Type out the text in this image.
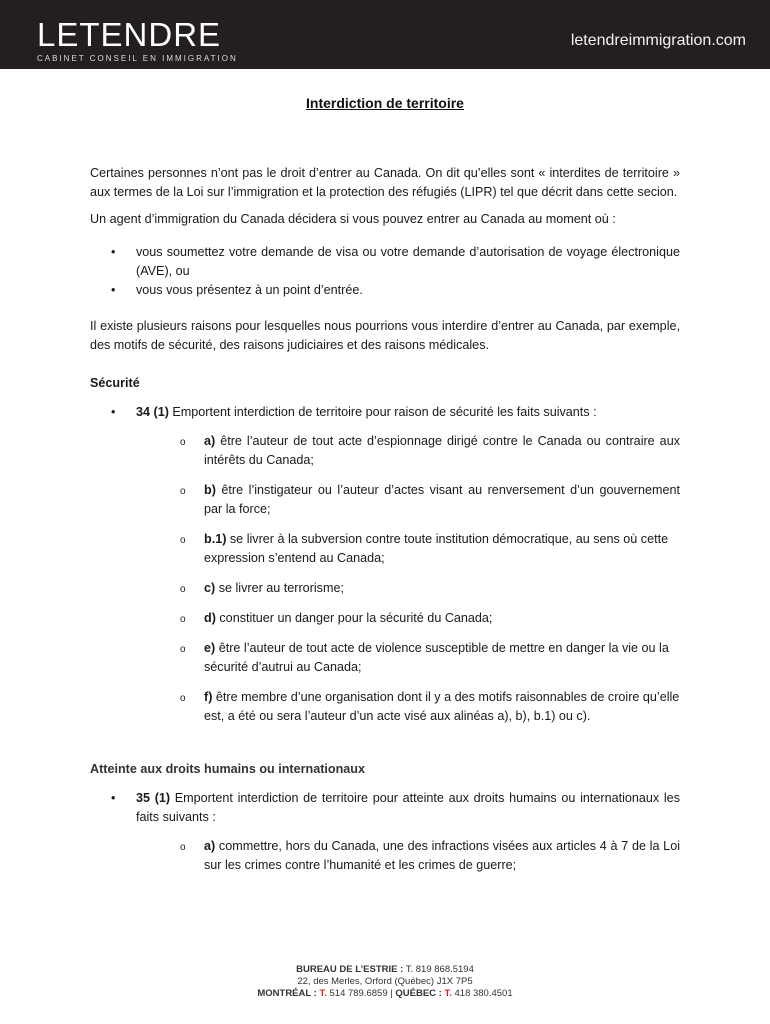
LETENDRE
CABINET CONSEIL EN IMMIGRATION
letendreimmigration.com
Interdiction de territoire

Certaines personnes n’ont pas le droit d’entrer au Canada. On dit qu’elles sont « interdites de territoire » aux termes de la Loi sur l’immigration et la protection des réfugiés (LIPR) tel que décrit dans cette secion.

Un agent d’immigration du Canada décidera si vous pouvez entrer au Canada au moment où :

• vous soumettez votre demande de visa ou votre demande d’autorisation de voyage électronique (AVE), ou
• vous vous présentez à un point d’entrée.

Il existe plusieurs raisons pour lesquelles nous pourrions vous interdire d’entrer au Canada, par exemple, des motifs de sécurité, des raisons judiciaires et des raisons médicales.

Sécurité
• 34 (1) Emportent interdiction de territoire pour raison de sécurité les faits suivants :
o a) être l’auteur de tout acte d’espionnage dirigé contre le Canada ou contraire aux intérêts du Canada;
o b) être l’instigateur ou l’auteur d’actes visant au renversement d’un gouvernement par la force;
o b.1) se livrer à la subversion contre toute institution démocratique, au sens où cette expression s’entend au Canada;
o c) se livrer au terrorisme;
o d) constituer un danger pour la sécurité du Canada;
o e) être l’auteur de tout acte de violence susceptible de mettre en danger la vie ou la sécurité d’autrui au Canada;
o f) être membre d’une organisation dont il y a des motifs raisonnables de croire qu’elle est, a été ou sera l’auteur d’un acte visé aux alinéas a), b), b.1) ou c).
Atteinte aux droits humains ou internationaux
• 35 (1) Emportent interdiction de territoire pour atteinte aux droits humains ou internationaux les faits suivants :
o a) commettre, hors du Canada, une des infractions visées aux articles 4 à 7 de la Loi sur les crimes contre l’humanité et les crimes de guerre;
BUREAU DE L’ESTRIE : T. 819 868.5194
22, des Merles, Orford (Québec) J1X 7P5
MONTRÉAL : T. 514 789.6859 | QUÉBEC : T. 418 380.4501
